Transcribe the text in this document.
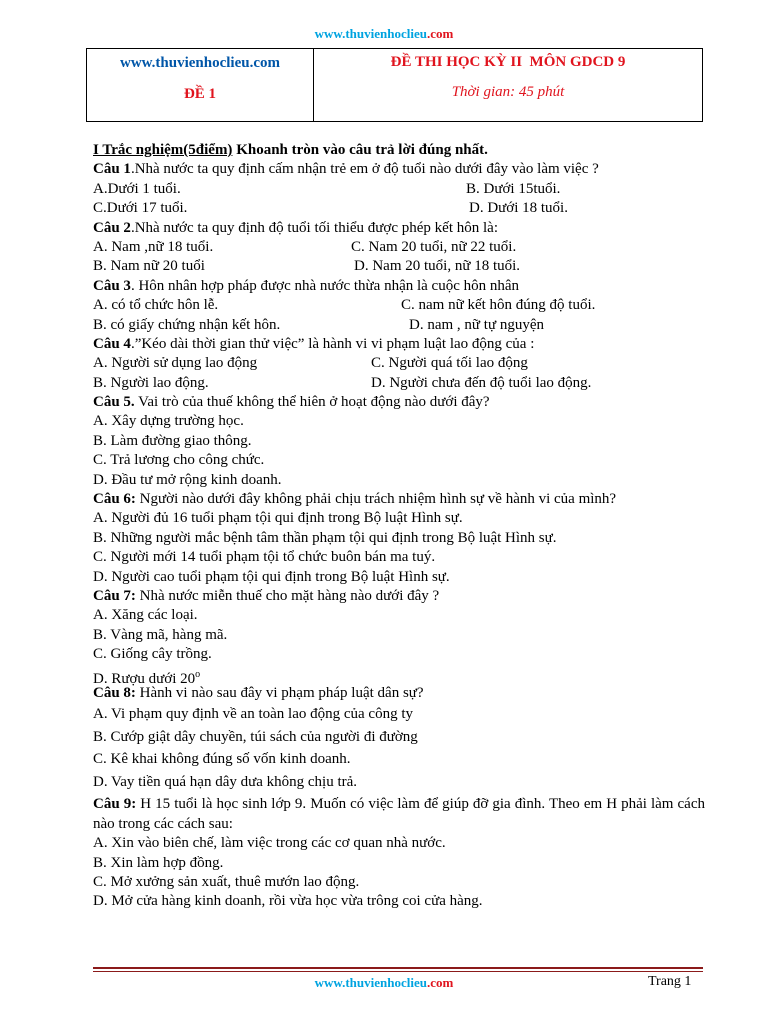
www.thuvienhoclieu.com
www.thuvienhoclieu.com
ĐỀ 1

ĐỀ THI HỌC KỲ II MÔN GDCD 9
Thời gian: 45 phút
I Trắc nghiệm(5điểm) Khoanh tròn vào câu trả lời đúng nhất.
Câu 1.Nhà nước ta quy định cấm nhận trẻ em ở độ tuổi nào dưới đây vào làm việc ?
A.Dưới 1 tuổi.	B. Dưới 15tuổi.
C.Dưới 17 tuổi.	D. Dưới 18 tuổi.
Câu 2.Nhà nước ta quy định độ tuổi tối thiểu được phép kết hôn là:
A. Nam ,nữ 18 tuổi.	C. Nam 20 tuổi, nữ 22 tuổi.
B. Nam nữ 20 tuổi	D. Nam 20 tuổi, nữ 18 tuổi.
Câu 3. Hôn nhân hợp pháp được nhà nước thừa nhận là cuộc hôn nhân
A. có tổ chức hôn lễ.	C. nam nữ kết hôn đúng độ tuổi.
B. có giấy chứng nhận kết hôn.	D. nam , nữ tự nguyện
Câu 4.”Kéo dài thời gian thử việc” là hành vi vi phạm luật lao động của :
A. Người sử dụng lao động	C. Người quá tối lao động
B. Người lao động.	D. Người chưa đến độ tuổi lao động.
Câu 5. Vai trò của thuế không thể hiên ở hoạt động nào dưới đây?
A. Xây dựng trường học.
B. Làm đường giao thông.
C. Trả lương cho công chức.
D. Đầu tư mở rộng kinh doanh.
Câu 6: Người nào dưới đây không phải chịu trách nhiệm hình sự về hành vi của mình?
A. Người đủ 16 tuổi phạm tội qui định trong Bộ luật Hình sự.
B. Những người mắc bệnh tâm thần phạm tội qui định trong Bộ luật Hình sự.
C. Người mới 14 tuổi phạm tội tổ chức buôn bán ma tuý.
D. Người cao tuổi phạm tội qui định trong Bộ luật Hình sự.
Câu 7: Nhà nước miễn thuế cho mặt hàng nào dưới đây ?
A. Xăng các loại.
B. Vàng mã, hàng mã.
C. Giống cây trồng.
D. Rượu dưới 20$^o$
Câu 8: Hành vi nào sau đây vi phạm pháp luật dân sự?
A. Vi phạm quy định về an toàn lao động của công ty
B. Cướp giật dây chuyền, túi sách của người đi đường
C. Kê khai không đúng số vốn kinh doanh.
D. Vay tiền quá hạn dây dưa không chịu trả.
Câu 9: H 15 tuổi là học sinh lớp 9. Muốn có việc làm để giúp đỡ gia đình. Theo em H phải làm cách nào trong các cách sau:
A. Xin vào biên chế, làm việc trong các cơ quan nhà nước.
B. Xin làm hợp đồng.
C. Mở xưởng sản xuất, thuê mướn lao động.
D. Mở cửa hàng kinh doanh, rồi vừa học vừa trông coi cửa hàng.
www.thuvienhoclieu.com	Trang 1
